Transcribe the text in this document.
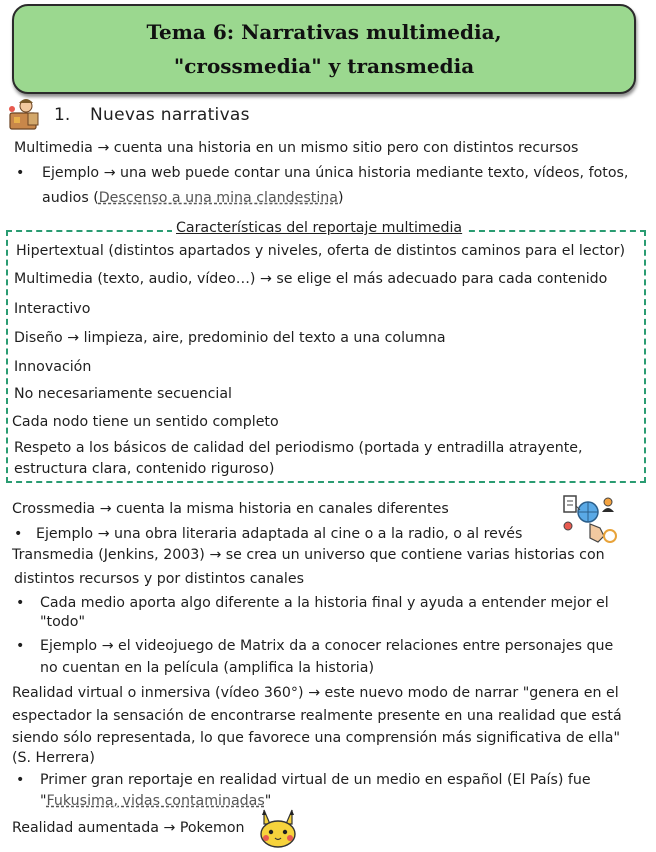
Tema 6: Narrativas multimedia,
"crossmedia" y transmedia
1.	Nuevas narrativas
Multimedia → cuenta una historia en un mismo sitio pero con distintos recursos
• Ejemplo → una web puede contar una única historia mediante texto, vídeos, fotos,
audios (Descenso a una mina clandestina)
Características del reportaje multimedia
Hipertextual (distintos apartados y niveles, oferta de distintos caminos para el lector)
Multimedia (texto, audio, vídeo…) → se elige el más adecuado para cada contenido
Interactivo
Diseño → limpieza, aire, predominio del texto a una columna
Innovación
No necesariamente secuencial
Cada nodo tiene un sentido completo
Respeto a los básicos de calidad del periodismo (portada y entradilla atrayente,
estructura clara, contenido riguroso)
Crossmedia → cuenta la misma historia en canales diferentes
• Ejemplo → una obra literaria adaptada al cine o a la radio, o al revés
Transmedia (Jenkins, 2003) → se crea un universo que contiene varias historias con
distintos recursos y por distintos canales
• Cada medio aporta algo diferente a la historia final y ayuda a entender mejor el
"todo"
• Ejemplo → el videojuego de Matrix da a conocer relaciones entre personajes que
no cuentan en la película (amplifica la historia)
Realidad virtual o inmersiva (vídeo 360°) → este nuevo modo de narrar "genera en el
espectador la sensación de encontrarse realmente presente en una realidad que está
siendo sólo representada, lo que favorece una comprensión más significativa de ella"
(S. Herrera)
• Primer gran reportaje en realidad virtual de un medio en español (El País) fue
"Fukusima, vidas contaminadas"
Realidad aumentada → Pokemon
